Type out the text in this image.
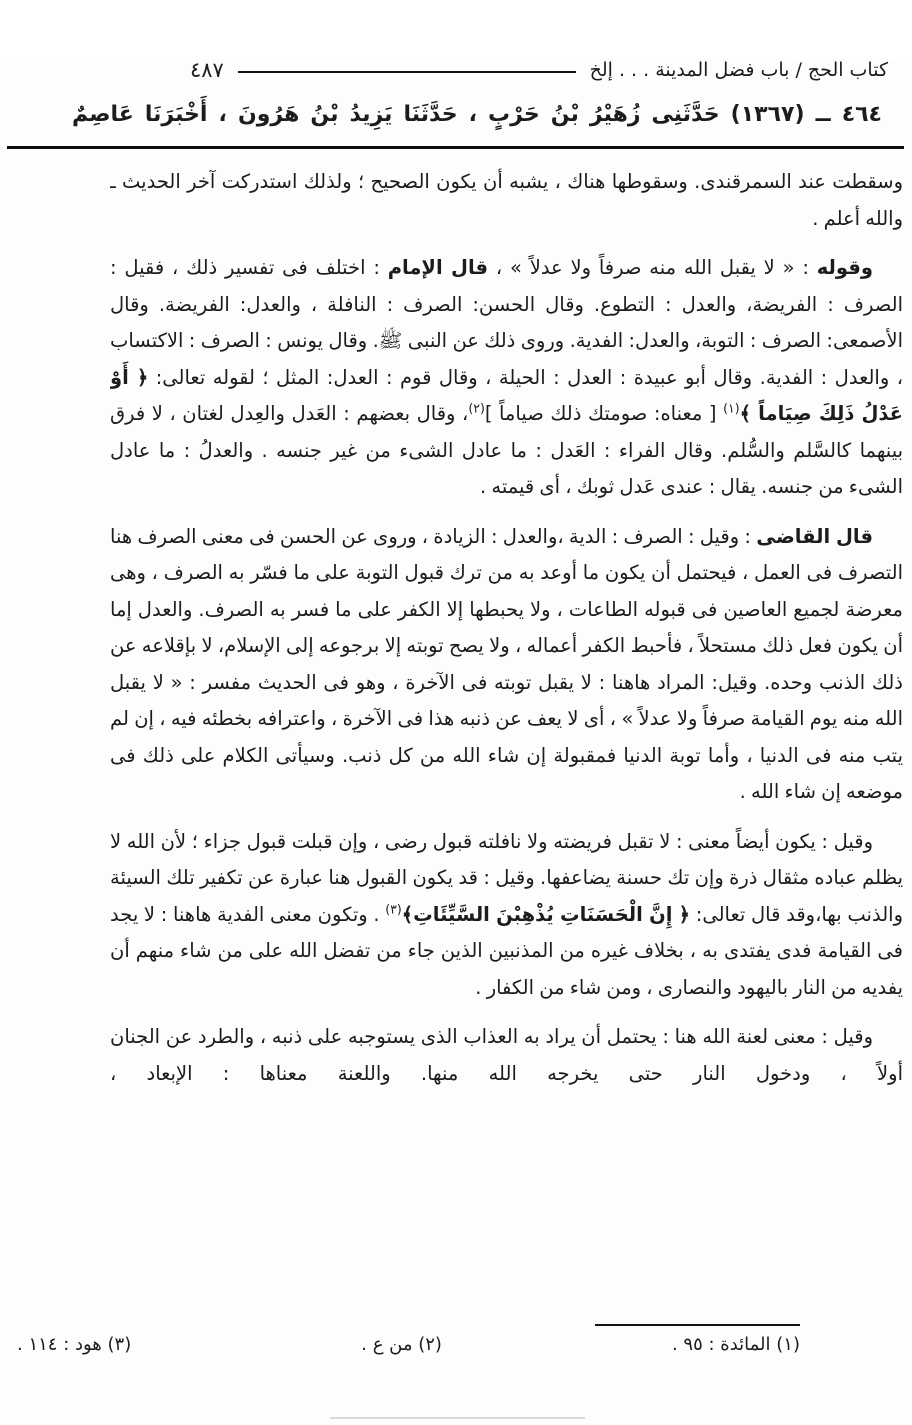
كتاب الحج / باب فضل المدينة . . . إلخ
٤٨٧
٤٦٤ ــ (١٣٦٧) حَدَّثَنِى زُهَيْرُ بْنُ حَرْبٍ ، حَدَّثَنَا يَزِيدُ بْنُ هَرُونَ ، أَخْبَرَنَا عَاصِمٌ

وسقطت عند السمرقندى. وسقوطها هناك ، يشبه أن يكون الصحيح ؛ ولذلك استدركت آخر الحديث ـ والله أعلم .

وقوله : « لا يقبل الله منه صرفاً ولا عدلاً » ، قال الإمام : اختلف فى تفسير ذلك ، فقيل : الصرف : الفريضة، والعدل : التطوع. وقال الحسن: الصرف : النافلة ، والعدل: الفريضة. وقال الأصمعى: الصرف : التوبة، والعدل: الفدية. وروى ذلك عن النبى ﷺ. وقال يونس : الصرف : الاكتساب ، والعدل : الفدية. وقال أبو عبيدة : العدل : الحيلة ، وقال قوم : العدل: المثل ؛ لقوله تعالى: ﴿ أَوْ عَدْلُ ذَلِكَ صِيَاماً ﴾$^{(١)}$ [ معناه: صومتك ذلك صياماً ]$^{(٢)}$، وقال بعضهم : العَدل والعِدل لغتان ، لا فرق بينهما كالسَّلم والسُّلم. وقال الفراء : العَدل : ما عادل الشىء من غير جنسه . والعدلُ : ما عادل الشىء من جنسه. يقال : عندى عَدل ثوبك ، أى قيمته .

قال القاضى : وقيل : الصرف : الدية ،والعدل : الزيادة ، وروى عن الحسن فى معنى الصرف هنا التصرف فى العمل ، فيحتمل أن يكون ما أوعد به من ترك قبول التوبة على ما فسّر به الصرف ، وهى معرضة لجميع العاصين فى قبوله الطاعات ، ولا يحبطها إلا الكفر على ما فسر به الصرف. والعدل إما أن يكون فعل ذلك مستحلاً ، فأحبط الكفر أعماله ، ولا يصح توبته إلا برجوعه إلى الإسلام، لا بإقلاعه عن ذلك الذنب وحده. وقيل: المراد هاهنا : لا يقبل توبته فى الآخرة ، وهو فى الحديث مفسر : « لا يقبل الله منه يوم القيامة صرفاً ولا عدلاً » ، أى لا يعف عن ذنبه هذا فى الآخرة ، واعترافه بخطئه فيه ، إن لم يتب منه فى الدنيا ، وأما توبة الدنيا فمقبولة إن شاء الله من كل ذنب. وسيأتى الكلام على ذلك فى موضعه إن شاء الله .

وقيل : يكون أيضاً معنى : لا تقبل فريضته ولا نافلته قبول رضى ، وإن قبلت قبول جزاء ؛ لأن الله لا يظلم عباده مثقال ذرة وإن تك حسنة يضاعفها. وقيل : قد يكون القبول هنا عبارة عن تكفير تلك السيئة والذنب بها،وقد قال تعالى: ﴿ إِنَّ الْحَسَنَاتِ يُذْهِبْنَ السَّيِّئَاتِ﴾$^{(٣)}$ . وتكون معنى الفدية هاهنا : لا يجد فى القيامة فدى يفتدى به ، بخلاف غيره من المذنبين الذين جاء من تفضل الله على من شاء منهم أن يفديه من النار باليهود والنصارى ، ومن شاء من الكفار .

وقيل : معنى لعنة الله هنا : يحتمل أن يراد به العذاب الذى يستوجبه على ذنبه ، والطرد عن الجنان أولاً ، ودخول النار حتى يخرجه الله منها. واللعنة معناها : الإبعاد ،

(١) المائدة : ٩٥ .
(٢) من ع .
(٣) هود : ١١٤ .
